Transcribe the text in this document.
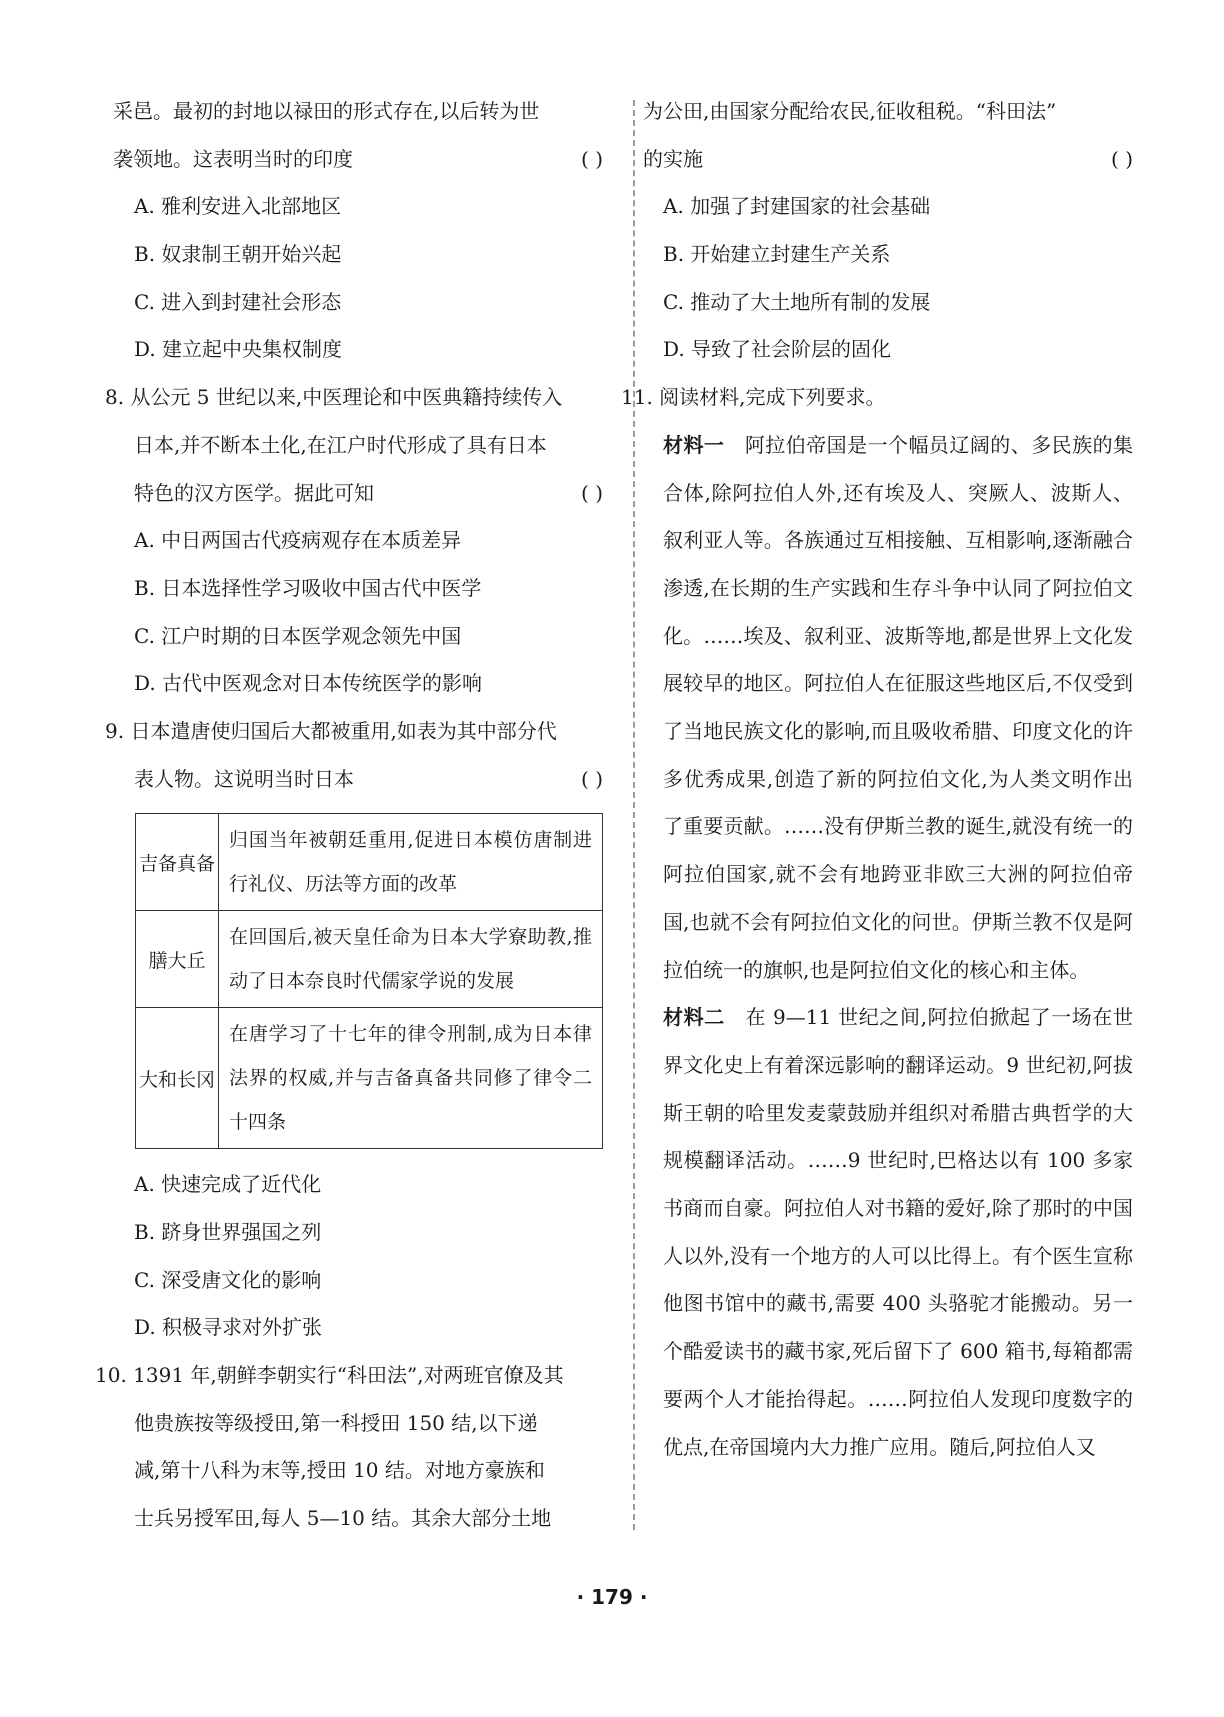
采邑。最初的封地以禄田的形式存在,以后转为世
袭领地。这表明当时的印度	( )
A. 雅利安进入北部地区
B. 奴隶制王朝开始兴起
C. 进入到封建社会形态
D. 建立起中央集权制度
8. 从公元 5 世纪以来,中医理论和中医典籍持续传入
日本,并不断本土化,在江户时代形成了具有日本
特色的汉方医学。据此可知	( )
A. 中日两国古代疫病观存在本质差异
B. 日本选择性学习吸收中国古代中医学
C. 江户时期的日本医学观念领先中国
D. 古代中医观念对日本传统医学的影响
9. 日本遣唐使归国后大都被重用,如表为其中部分代
表人物。这说明当时日本	( )
吉备真备	归国当年被朝廷重用,促进日本模仿唐制进行礼仪、历法等方面的改革
膳大丘	在回国后,被天皇任命为日本大学寮助教,推动了日本奈良时代儒家学说的发展
大和长冈	在唐学习了十七年的律令刑制,成为日本律法界的权威,并与吉备真备共同修了律令二十四条
A. 快速完成了近代化
B. 跻身世界强国之列
C. 深受唐文化的影响
D. 积极寻求对外扩张
10. 1391 年,朝鲜李朝实行“科田法”,对两班官僚及其
他贵族按等级授田,第一科授田 150 结,以下递
减,第十八科为末等,授田 10 结。对地方豪族和
士兵另授军田,每人 5—10 结。其余大部分土地
为公田,由国家分配给农民,征收租税。“科田法”
的实施	( )
A. 加强了封建国家的社会基础
B. 开始建立封建生产关系
C. 推动了大土地所有制的发展
D. 导致了社会阶层的固化
11. 阅读材料,完成下列要求。
材料一　 阿拉伯帝国是一个幅员辽阔的、多民族的集合体,除阿拉伯人外,还有埃及人、突厥人、波斯人、叙利亚人等。各族通过互相接触、互相影响,逐渐融合渗透,在长期的生产实践和生存斗争中认同了阿拉伯文化。……埃及、叙利亚、波斯等地,都是世界上文化发展较早的地区。阿拉伯人在征服这些地区后,不仅受到了当地民族文化的影响,而且吸收希腊、印度文化的许多优秀成果,创造了新的阿拉伯文化,为人类文明作出了重要贡献。……没有伊斯兰教的诞生,就没有统一的阿拉伯国家,就不会有地跨亚非欧三大洲的阿拉伯帝国,也就不会有阿拉伯文化的问世。伊斯兰教不仅是阿拉伯统一的旗帜,也是阿拉伯文化的核心和主体。
材料二　 在 9—11 世纪之间,阿拉伯掀起了一场在世界文化史上有着深远影响的翻译运动。9 世纪初,阿拔斯王朝的哈里发麦蒙鼓励并组织对希腊古典哲学的大规模翻译活动。……9 世纪时,巴格达以有 100 多家书商而自豪。阿拉伯人对书籍的爱好,除了那时的中国人以外,没有一个地方的人可以比得上。有个医生宣称他图书馆中的藏书,需要 400 头骆驼才能搬动。另一个酷爱读书的藏书家,死后留下了 600 箱书,每箱都需要两个人才能抬得起。……阿拉伯人发现印度数字的优点,在帝国境内大力推广应用。随后,阿拉伯人又
· 179 ·
